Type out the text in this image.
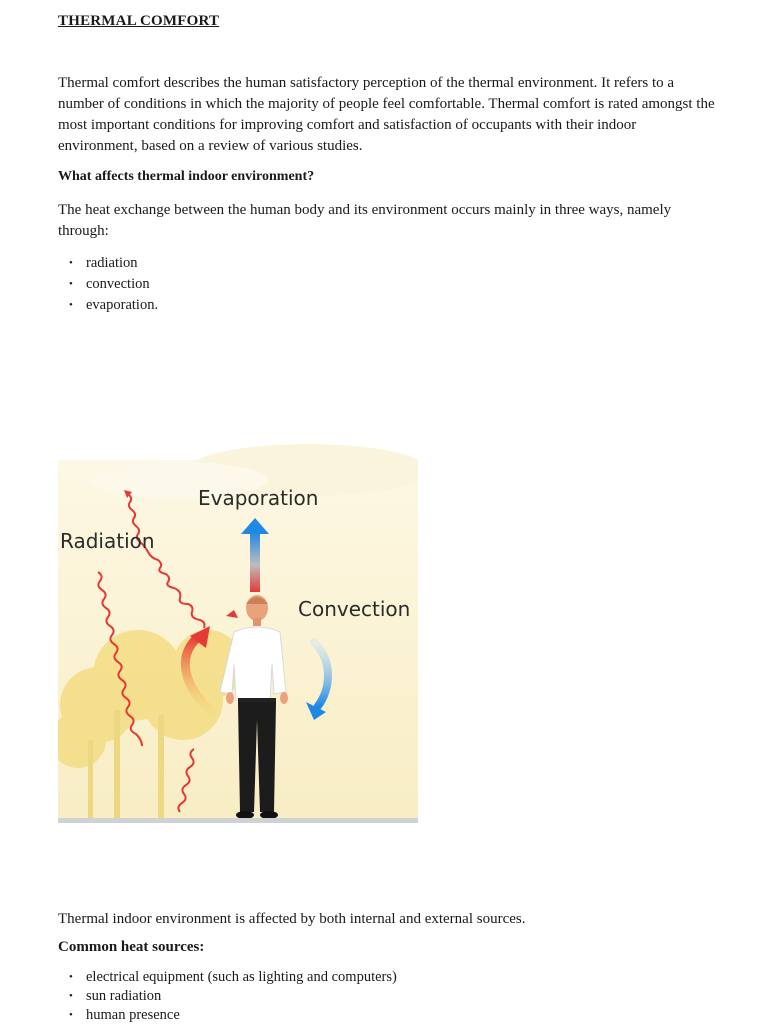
THERMAL COMFORT
Thermal comfort describes the human satisfactory perception of the thermal environment. It refers to a number of conditions in which the majority of people feel comfortable. Thermal comfort is rated amongst the most important conditions for improving comfort and satisfaction of occupants with their indoor environment, based on a review of various studies.
What affects thermal indoor environment?
The heat exchange between the human body and its environment occurs mainly in three ways, namely through:
• radiation
• convection
• evaporation.
Evaporation
Radiation
Convection
Thermal indoor environment is affected by both internal and external sources.
Common heat sources:
• electrical equipment (such as lighting and computers)
• sun radiation
• human presence
